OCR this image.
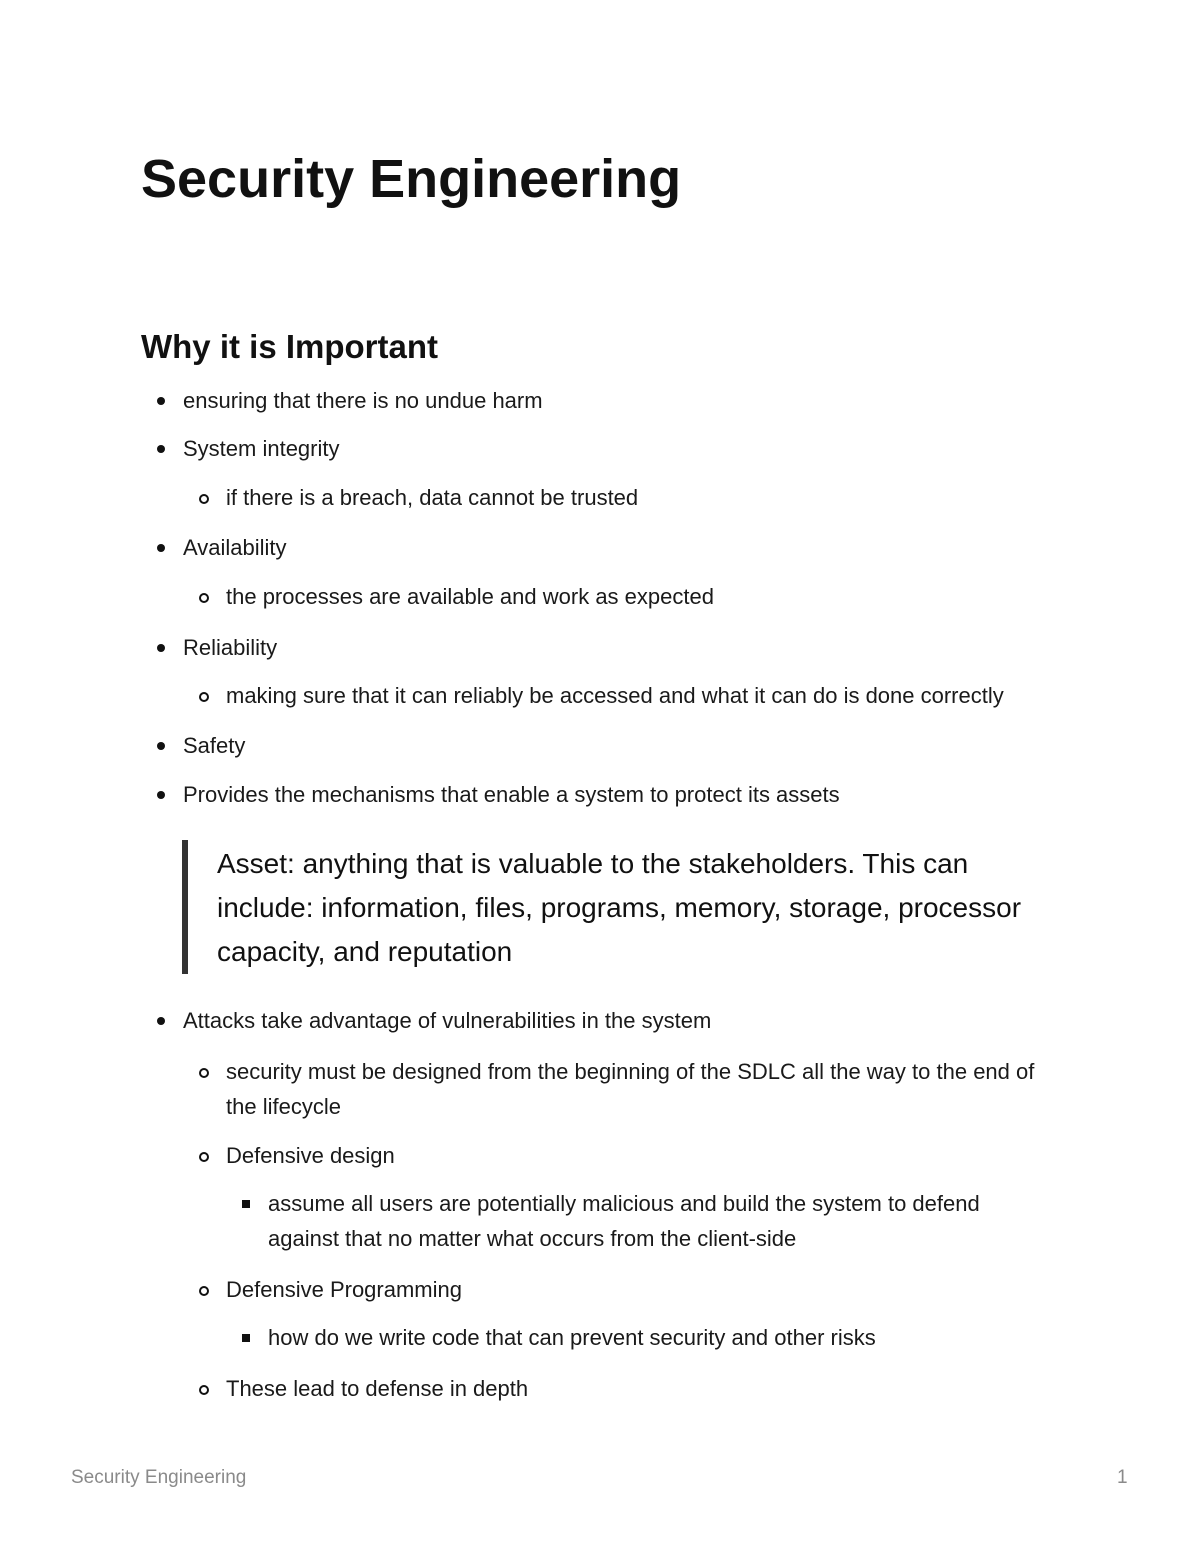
Security Engineering
Why it is Important
ensuring that there is no undue harm
System integrity
if there is a breach, data cannot be trusted
Availability
the processes are available and work as expected
Reliability
making sure that it can reliably be accessed and what it can do is done correctly
Safety
Provides the mechanisms that enable a system to protect its assets

Asset: anything that is valuable to the stakeholders. This can include: information, files, programs, memory, storage, processor capacity, and reputation

Attacks take advantage of vulnerabilities in the system
security must be designed from the beginning of the SDLC all the way to the end of the lifecycle
Defensive design
assume all users are potentially malicious and build the system to defend against that no matter what occurs from the client-side
Defensive Programming
how do we write code that can prevent security and other risks
These lead to defense in depth
Security Engineering	1
